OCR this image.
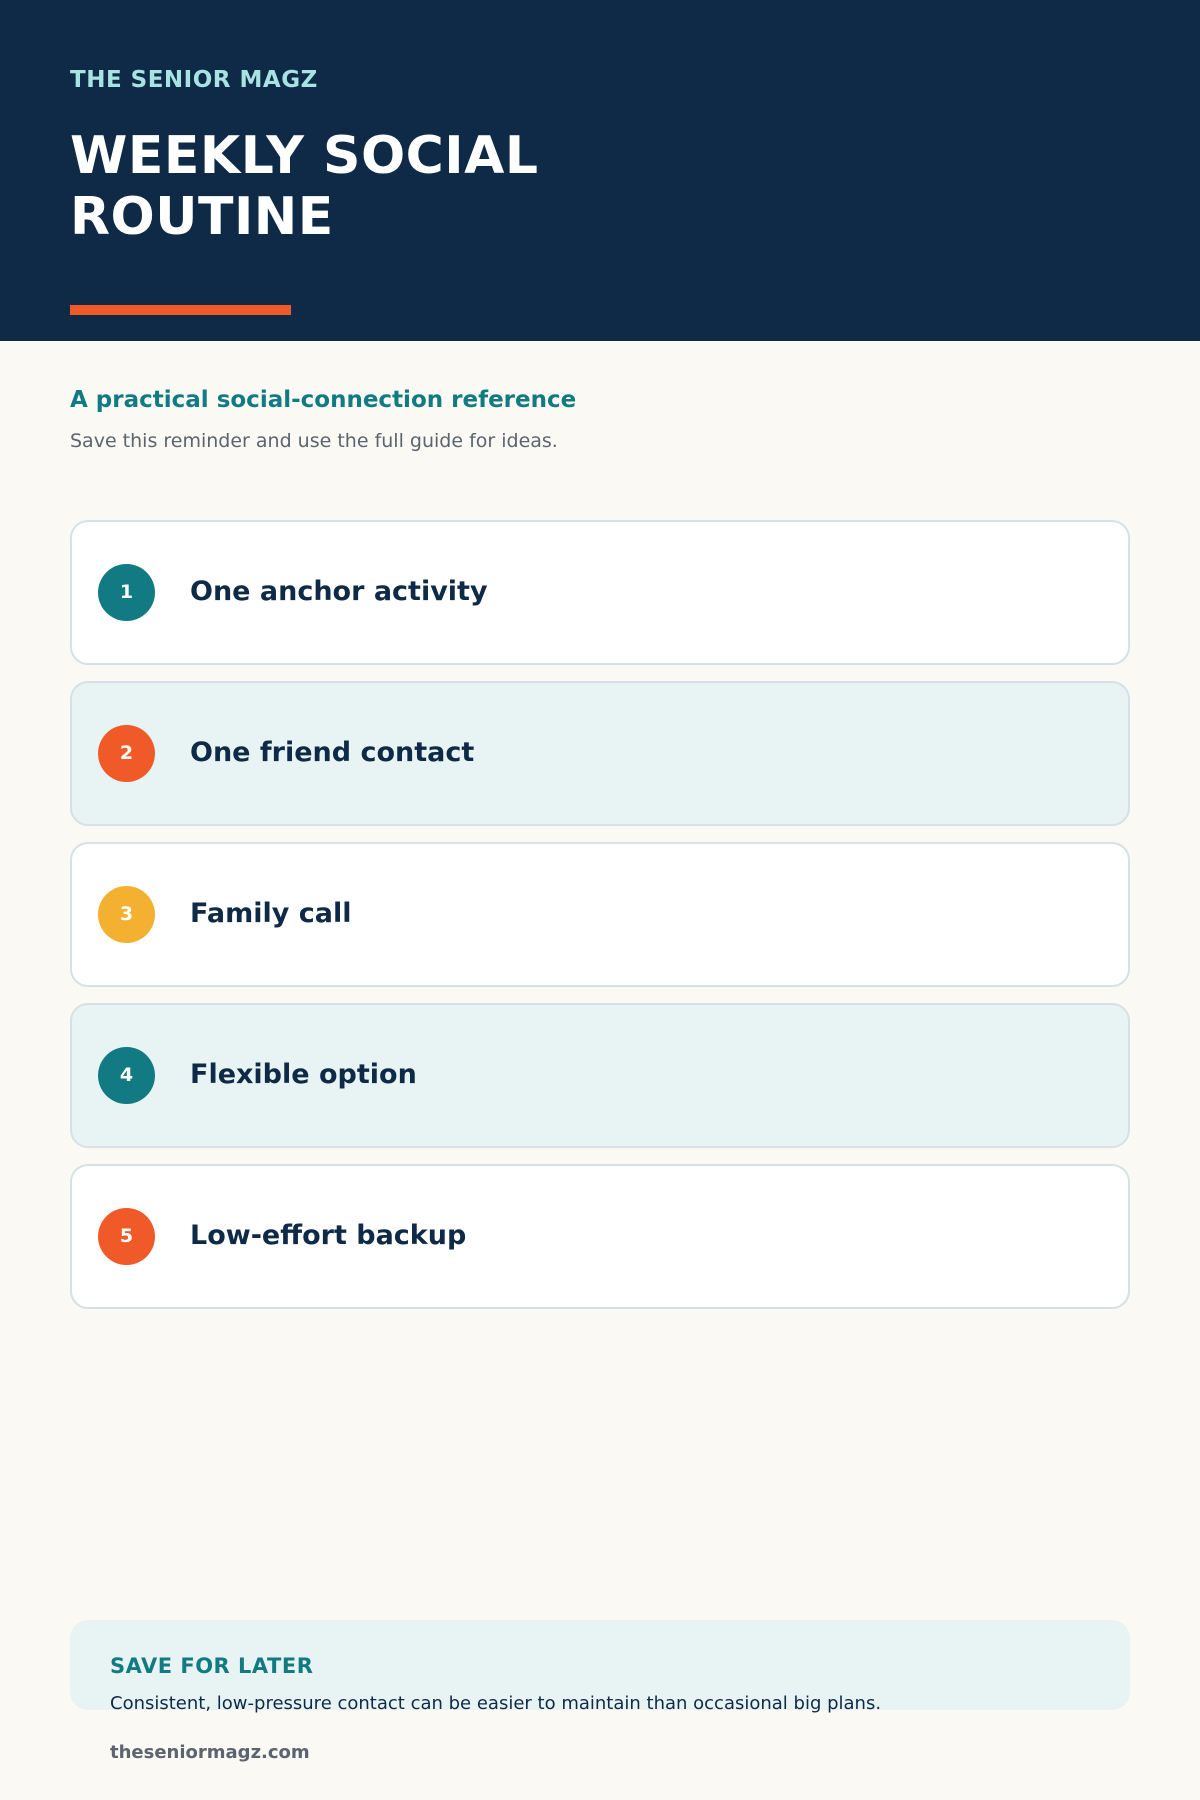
THE SENIOR MAGZ
WEEKLY SOCIAL ROUTINE
A practical social-connection reference
Save this reminder and use the full guide for ideas.
1	One anchor activity
2	One friend contact
3	Family call
4	Flexible option
5	Low-effort backup
SAVE FOR LATER
Consistent, low-pressure contact can be easier to maintain than occasional big plans.
theseniormagz.com
